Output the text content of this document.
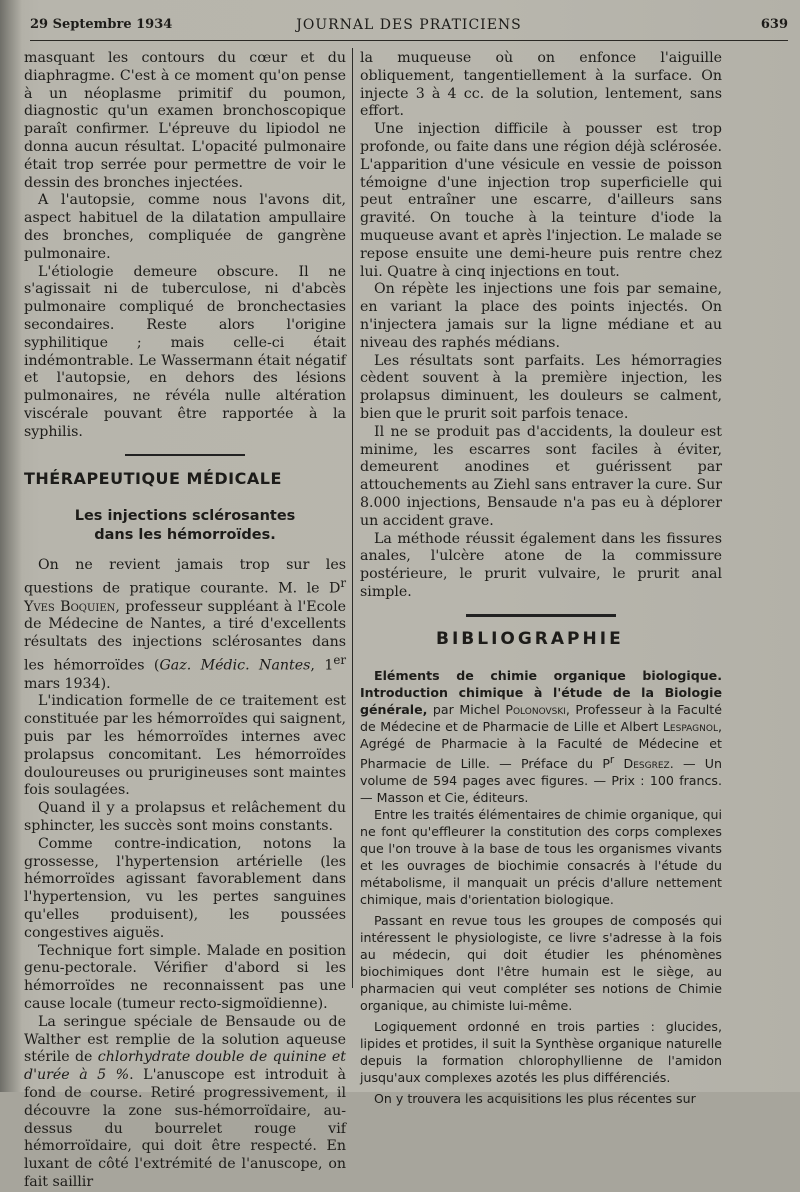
29 Septembre 1934	JOURNAL DES PRATICIENS	639

masquant les contours du cœur et du diaphragme. C'est à ce moment qu'on pense à un néoplasme primitif du poumon, diagnostic qu'un examen bronchoscopique paraît confirmer. L'épreuve du lipiodol ne donna aucun résultat. L'opacité pulmonaire était trop serrée pour permettre de voir le dessin des bronches injectées.

A l'autopsie, comme nous l'avons dit, aspect habituel de la dilatation ampullaire des bronches, compliquée de gangrène pulmonaire.

L'étiologie demeure obscure. Il ne s'agissait ni de tuberculose, ni d'abcès pulmonaire compliqué de bronchectasies secondaires. Reste alors l'origine syphilitique ; mais celle-ci était indémontrable. Le Wassermann était négatif et l'autopsie, en dehors des lésions pulmonaires, ne révéla nulle altération viscérale pouvant être rapportée à la syphilis.

THÉRAPEUTIQUE MÉDICALE
Les injections sclérosantes
dans les hémorroïdes.

On ne revient jamais trop sur les questions de pratique courante. M. le $D^r$ Yves Boquien, professeur suppléant à l'Ecole de Médecine de Nantes, a tiré d'excellents résultats des injections sclérosantes dans les hémorroïdes (Gaz. Médic. Nantes, 1er mars 1934).

L'indication formelle de ce traitement est constituée par les hémorroïdes qui saignent, puis par les hémorroïdes internes avec prolapsus concomitant. Les hémorroïdes douloureuses ou prurigineuses sont maintes fois soulagées.

Quand il y a prolapsus et relâchement du sphincter, les succès sont moins constants.

Comme contre-indication, notons la grossesse, l'hypertension artérielle (les hémorroïdes agissant favorablement dans l'hypertension, vu les pertes sanguines qu'elles produisent), les poussées congestives aiguës.

Technique fort simple. Malade en position genu-pectorale. Vérifier d'abord si les hémorroïdes ne reconnaissent pas une cause locale (tumeur recto-sigmoïdienne).

La seringue spéciale de Bensaude ou de Walther est remplie de la solution aqueuse stérile de chlorhydrate double de quinine et d'urée à 5 %. L'anuscope est introduit à fond de course. Retiré progressivement, il découvre la zone sus-hémorroïdaire, au-dessus du bourrelet rouge vif hémorroïdaire, qui doit être respecté. En luxant de côté l'extrémité de l'anuscope, on fait saillir

la muqueuse où on enfonce l'aiguille obliquement, tangentiellement à la surface. On injecte 3 à 4 cc. de la solution, lentement, sans effort.

Une injection difficile à pousser est trop profonde, ou faite dans une région déjà sclérosée. L'apparition d'une vésicule en vessie de poisson témoigne d'une injection trop superficielle qui peut entraîner une escarre, d'ailleurs sans gravité. On touche à la teinture d'iode la muqueuse avant et après l'injection. Le malade se repose ensuite une demi-heure puis rentre chez lui. Quatre à cinq injections en tout.

On répète les injections une fois par semaine, en variant la place des points injectés. On n'injectera jamais sur la ligne médiane et au niveau des raphés médians.

Les résultats sont parfaits. Les hémorragies cèdent souvent à la première injection, les prolapsus diminuent, les douleurs se calment, bien que le prurit soit parfois tenace.

Il ne se produit pas d'accidents, la douleur est minime, les escarres sont faciles à éviter, demeurent anodines et guérissent par attouchements au Ziehl sans entraver la cure. Sur 8.000 injections, Bensaude n'a pas eu à déplorer un accident grave.

La méthode réussit également dans les fissures anales, l'ulcère atone de la commissure postérieure, le prurit vulvaire, le prurit anal simple.

BIBLIOGRAPHIE

Eléments de chimie organique biologique. Introduction chimique à l'étude de la Biologie générale, par Michel Polonovski, Professeur à la Faculté de Médecine et de Pharmacie de Lille et Albert Lespagnol, Agrégé de Pharmacie à la Faculté de Médecine et Pharmacie de Lille. — Préface du $P^r$ Desgrez. — Un volume de 594 pages avec figures. — Prix : 100 francs. — Masson et Cie, éditeurs.

Entre les traités élémentaires de chimie organique, qui ne font qu'effleurer la constitution des corps complexes que l'on trouve à la base de tous les organismes vivants et les ouvrages de biochimie consacrés à l'étude du métabolisme, il manquait un précis d'allure nettement chimique, mais d'orientation biologique.

Passant en revue tous les groupes de composés qui intéressent le physiologiste, ce livre s'adresse à la fois au médecin, qui doit étudier les phénomènes biochimiques dont l'être humain est le siège, au pharmacien qui veut compléter ses notions de Chimie organique, au chimiste lui-même.

Logiquement ordonné en trois parties : glucides, lipides et protides, il suit la Synthèse organique naturelle depuis la formation chlorophyllienne de l'amidon jusqu'aux complexes azotés les plus différenciés.

On y trouvera les acquisitions les plus récentes sur
